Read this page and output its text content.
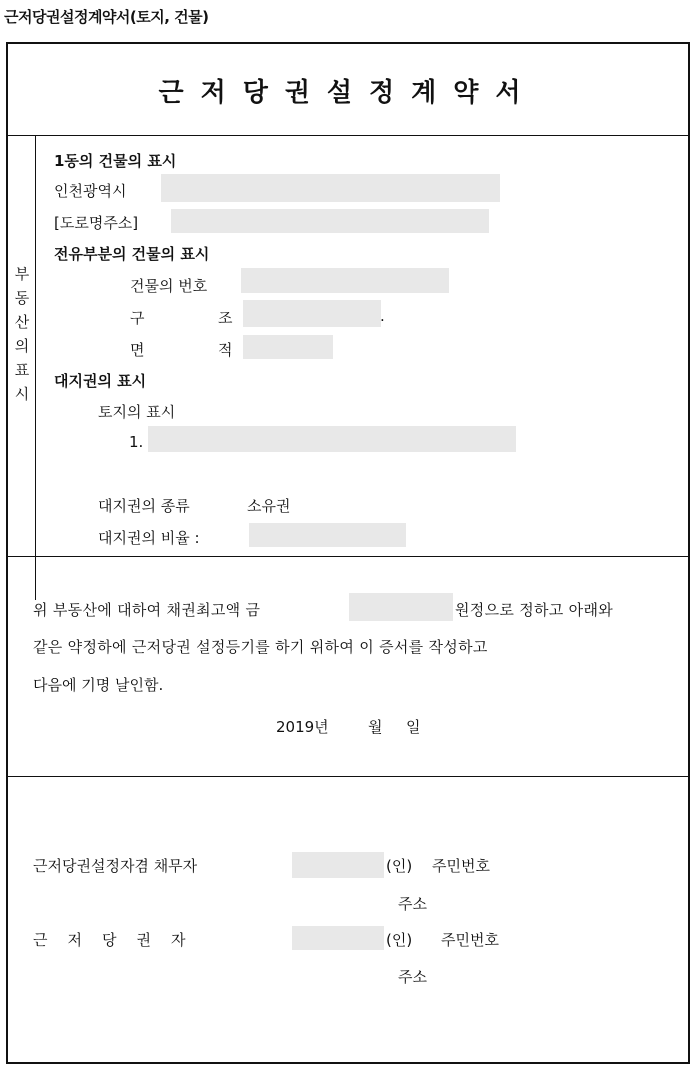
근저당권설정계약서(토지, 건물)
근저당권설정계약서
부동산의표시
1동의 건물의 표시
인천광역시
[도로명주소]
전유부분의 건물의 표시
건물의 번호
구	조	.
면	적
대지권의 표시
토지의 표시
1.
대지권의 종류	소유권
대지권의 비율 :
위 부동산에 대하여 채권최고액 금	원정으로 정하고 아래와
같은 약정하에 근저당권 설정등기를 하기 위하여 이 증서를 작성하고
다음에 기명 날인함.
2019년	월 일
근저당권설정자겸 채무자	(인) 주민번호
주소
근저당권자	(인) 주민번호
주소
